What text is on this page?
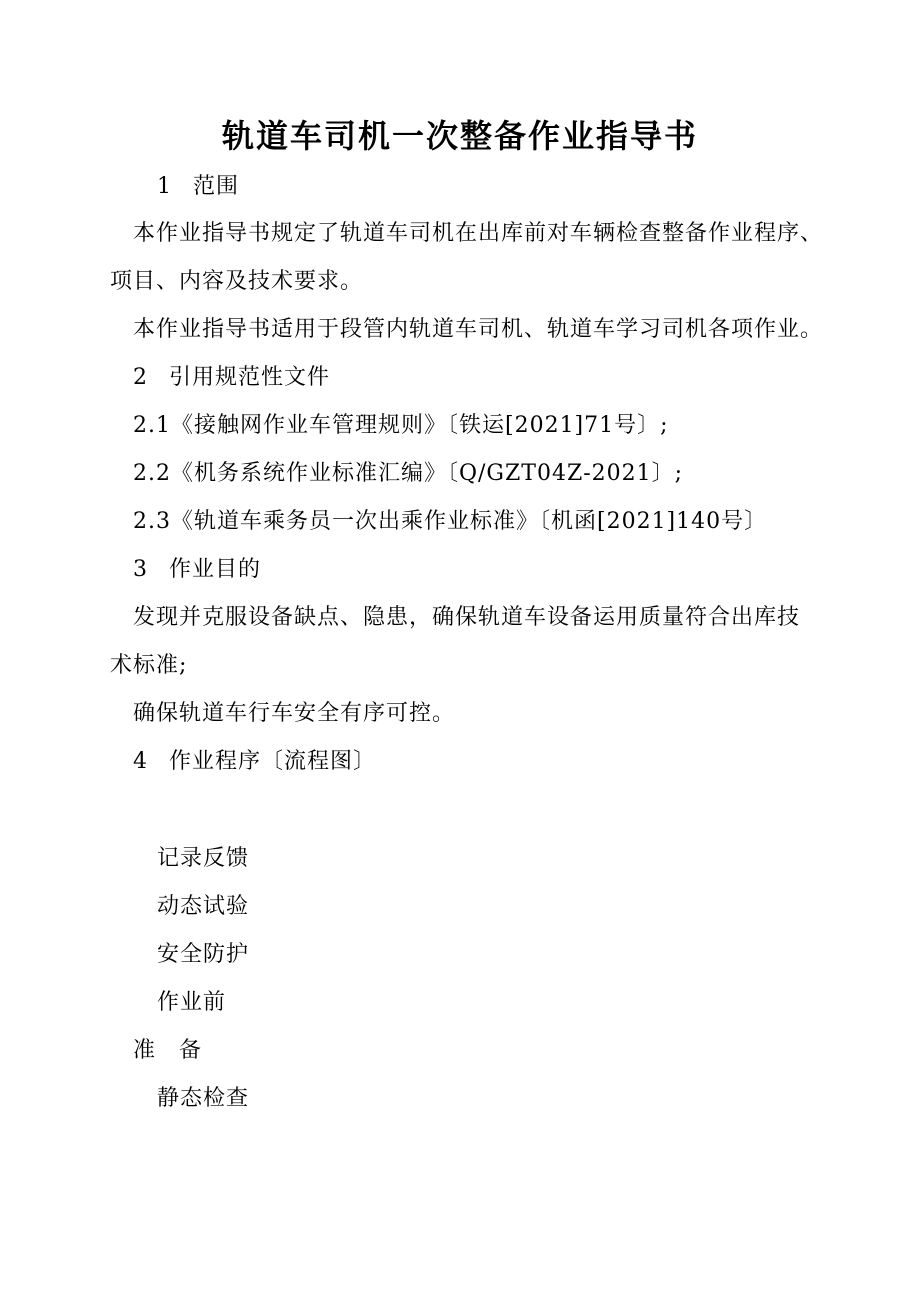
轨道车司机一次整备作业指导书
1 范围
本作业指导书规定了轨道车司机在出库前对车辆检查整备作业程序、
项目、内容及技术要求。
本作业指导书适用于段管内轨道车司机、轨道车学习司机各项作业。
2 引用规范性文件
2.1《接触网作业车管理规则》〔铁运[2021]71号〕;
2.2《机务系统作业标准汇编》〔Q/GZT04Z-2021〕;
2.3《轨道车乘务员一次出乘作业标准》〔机函[2021]140号〕
3 作业目的
发现并克服设备缺点、隐患，确保轨道车设备运用质量符合出库技
术标准;
确保轨道车行车安全有序可控。
4 作业程序〔流程图〕
记录反馈
动态试验
安全防护
作业前
准　备
静态检查
